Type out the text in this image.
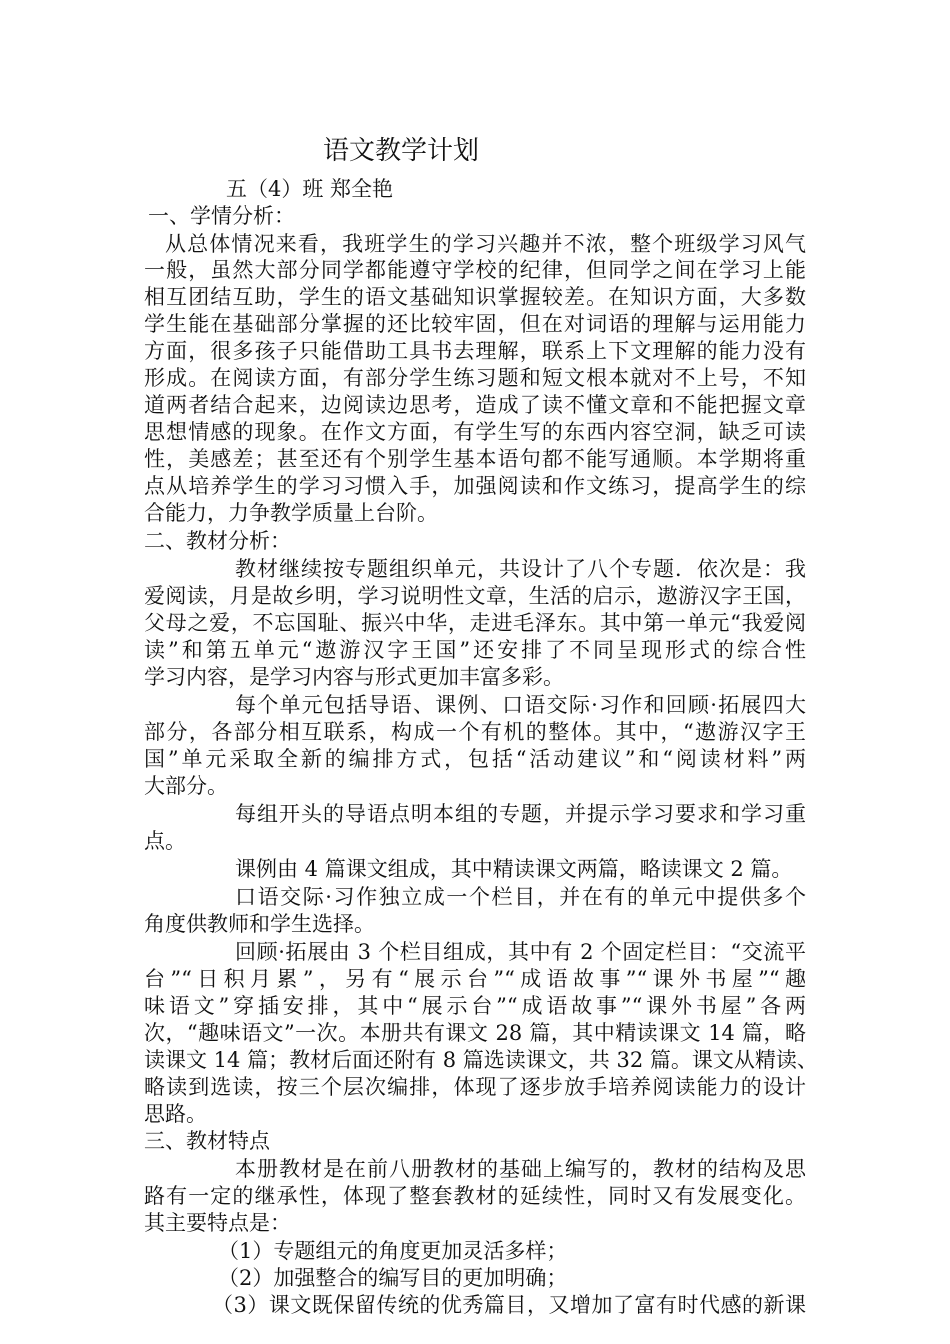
语文教学计划
五（4）班 郑全艳
一、学情分析：
从总体情况来看，我班学生的学习兴趣并不浓，整个班级学习风气
一般，虽然大部分同学都能遵守学校的纪律，但同学之间在学习上能
相互团结互助，学生的语文基础知识掌握较差。在知识方面，大多数
学生能在基础部分掌握的还比较牢固，但在对词语的理解与运用能力
方面，很多孩子只能借助工具书去理解，联系上下文理解的能力没有
形成。在阅读方面，有部分学生练习题和短文根本就对不上号，不知
道两者结合起来，边阅读边思考，造成了读不懂文章和不能把握文章
思想情感的现象。在作文方面，有学生写的东西内容空洞，缺乏可读
性，美感差；甚至还有个别学生基本语句都不能写通顺。本学期将重
点从培养学生的学习习惯入手，加强阅读和作文练习，提高学生的综
合能力，力争教学质量上台阶。
二、教材分析：
教材继续按专题组织单元，共设计了八个专题．依次是：我
爱阅读，月是故乡明，学习说明性文章，生活的启示，遨游汉字王国，
父母之爱，不忘国耻、振兴中华，走进毛泽东。其中第一单元“我爱阅
读”和第五单元“遨游汉字王国”还安排了不同呈现形式的综合性
学习内容，是学习内容与形式更加丰富多彩。
每个单元包括导语、课例、口语交际·习作和回顾·拓展四大
部分，各部分相互联系，构成一个有机的整体。其中，“遨游汉字王
国”单元采取全新的编排方式，包括“活动建议”和“阅读材料”两
大部分。
每组开头的导语点明本组的专题，并提示学习要求和学习重
点。
课例由 4 篇课文组成，其中精读课文两篇，略读课文 2 篇。
口语交际·习作独立成一个栏目，并在有的单元中提供多个
角度供教师和学生选择。
回顾·拓展由 3 个栏目组成，其中有 2 个固定栏目：“交流平
台”“日积月累”，另有“展示台”“成语故事”“课外书屋”“趣
味语文”穿插安排，其中“展示台”“成语故事”“课外书屋”各两
次，“趣味语文”一次。本册共有课文 28 篇，其中精读课文 14 篇，略
读课文 14 篇；教材后面还附有 8 篇选读课文，共 32 篇。课文从精读、
略读到选读，按三个层次编排，体现了逐步放手培养阅读能力的设计
思路。
三、教材特点
本册教材是在前八册教材的基础上编写的，教材的结构及思
路有一定的继承性，体现了整套教材的延续性，同时又有发展变化。
其主要特点是：
（1）专题组元的角度更加灵活多样；
（2）加强整合的编写目的更加明确；
（3）课文既保留传统的优秀篇目，又增加了富有时代感的新课
